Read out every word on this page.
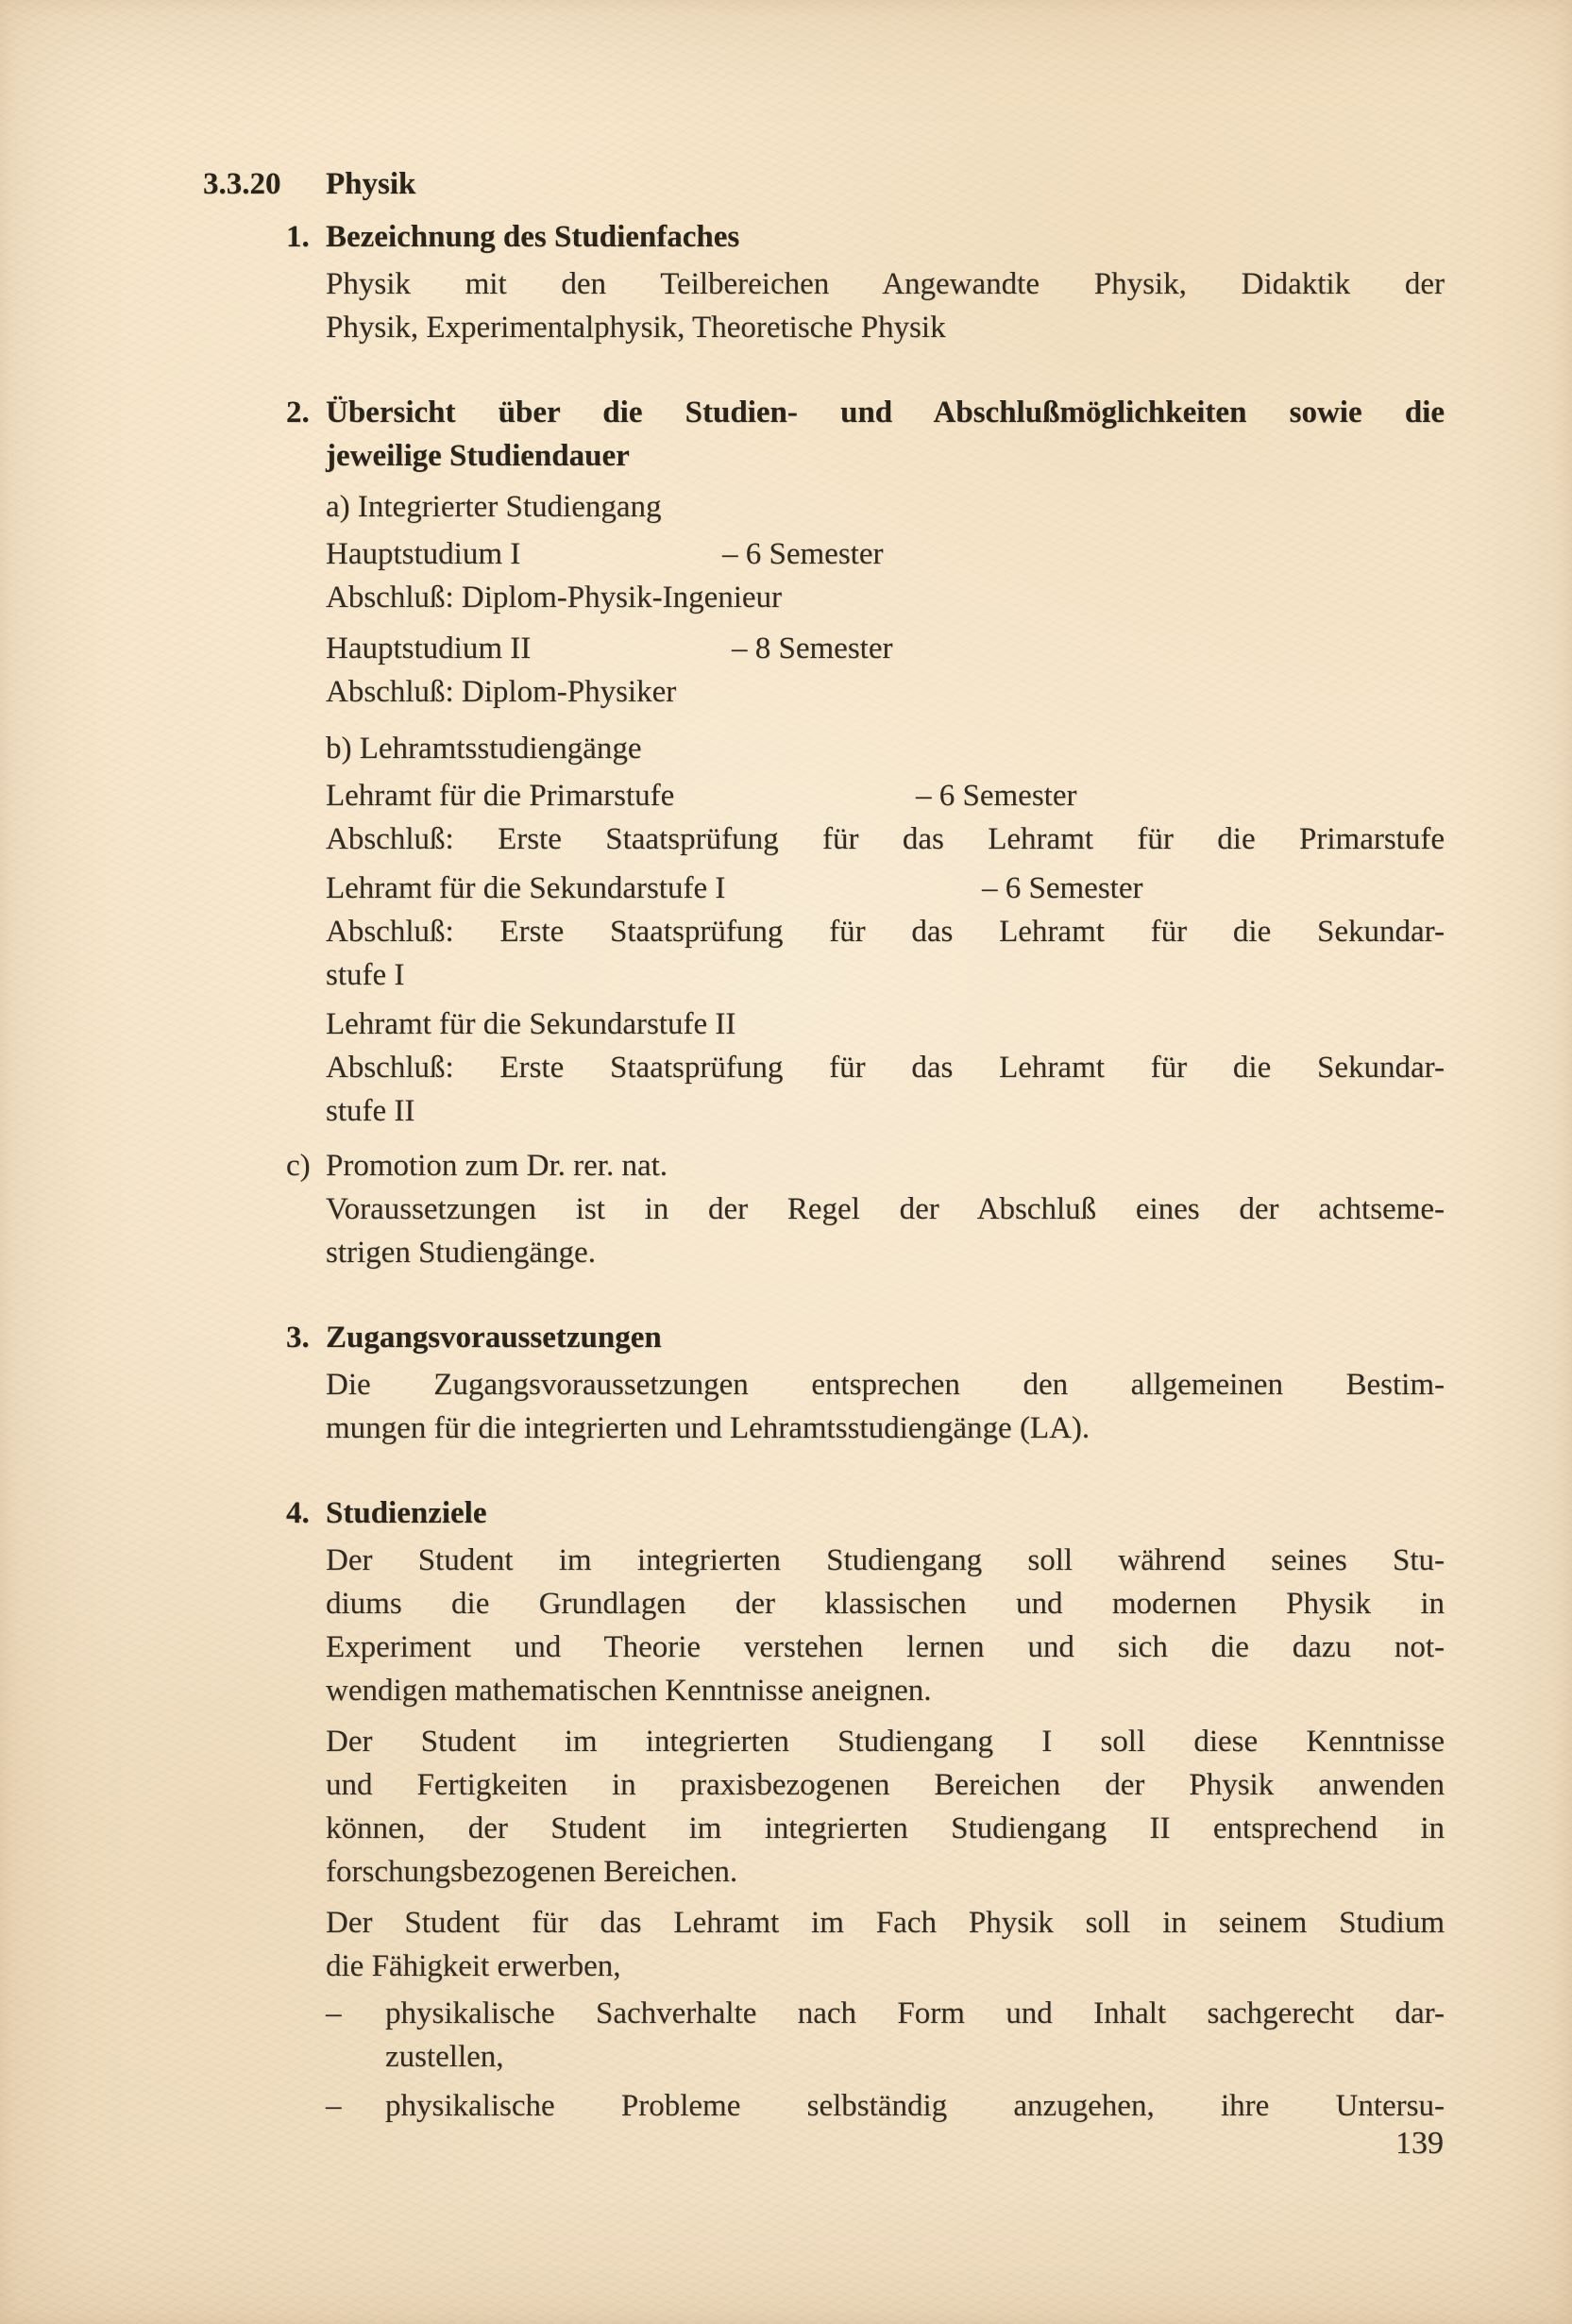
3.3.20	Physik
1. Bezeichnung des Studienfaches
Physik mit den Teilbereichen Angewandte Physik, Didaktik der
Physik, Experimentalphysik, Theoretische Physik
2. Übersicht über die Studien- und Abschlußmöglichkeiten sowie die
jeweilige Studiendauer
a) Integrierter Studiengang
Hauptstudium I	– 6 Semester
Abschluß: Diplom-Physik-Ingenieur
Hauptstudium II	– 8 Semester
Abschluß: Diplom-Physiker
b) Lehramtsstudiengänge
Lehramt für die Primarstufe	– 6 Semester
Abschluß: Erste Staatsprüfung für das Lehramt für die Primarstufe
Lehramt für die Sekundarstufe I	– 6 Semester
Abschluß: Erste Staatsprüfung für das Lehramt für die Sekundar-
stufe I
Lehramt für die Sekundarstufe II
Abschluß: Erste Staatsprüfung für das Lehramt für die Sekundar-
stufe II
c) Promotion zum Dr. rer. nat.
Voraussetzungen ist in der Regel der Abschluß eines der achtseme-
strigen Studiengänge.
3. Zugangsvoraussetzungen
Die Zugangsvoraussetzungen entsprechen den allgemeinen Bestim-
mungen für die integrierten und Lehramtsstudiengänge (LA).
4. Studienziele
Der Student im integrierten Studiengang soll während seines Stu-
diums die Grundlagen der klassischen und modernen Physik in
Experiment und Theorie verstehen lernen und sich die dazu not-
wendigen mathematischen Kenntnisse aneignen.
Der Student im integrierten Studiengang I soll diese Kenntnisse
und Fertigkeiten in praxisbezogenen Bereichen der Physik anwenden
können, der Student im integrierten Studiengang II entsprechend in
forschungsbezogenen Bereichen.
Der Student für das Lehramt im Fach Physik soll in seinem Studium
die Fähigkeit erwerben,
–	physikalische Sachverhalte nach Form und Inhalt sachgerecht dar-
zustellen,
–	physikalische Probleme selbständig anzugehen, ihre Untersu-
139
